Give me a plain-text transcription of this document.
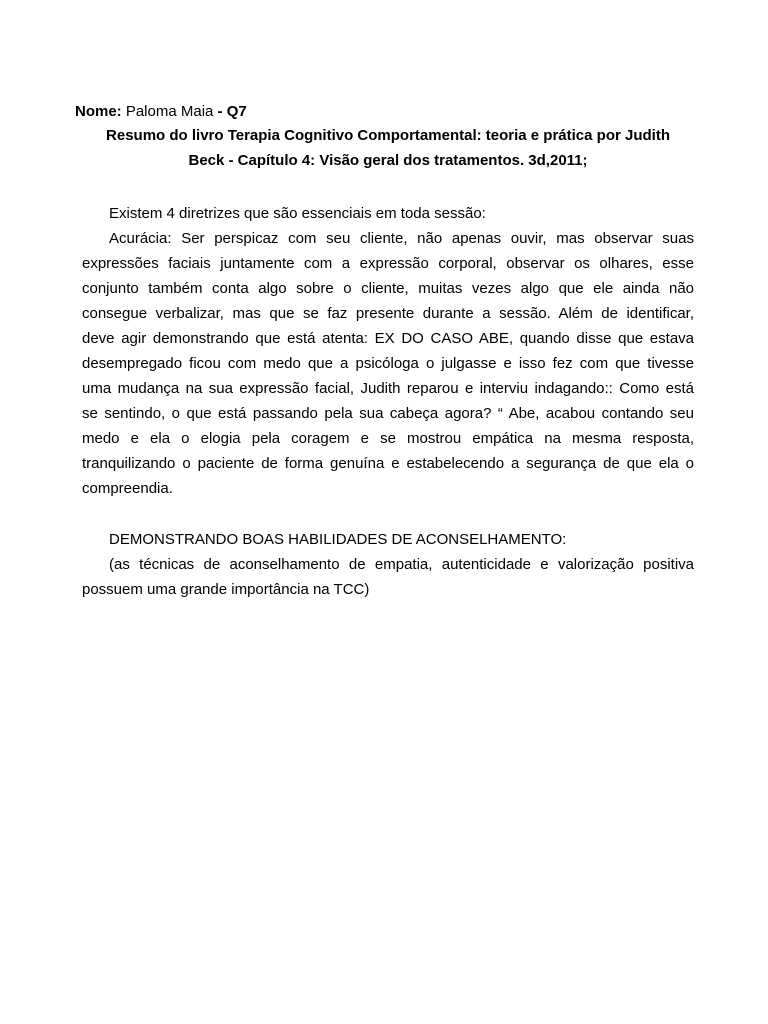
Nome: Paloma Maia - Q7
Resumo do livro Terapia Cognitivo Comportamental: teoria e prática por Judith
Beck - Capítulo 4: Visão geral dos tratamentos. 3d,2011;
Existem 4 diretrizes que são essenciais em toda sessão:
Acurácia: Ser perspicaz com seu cliente, não apenas ouvir, mas observar suas
expressões faciais juntamente com a expressão corporal, observar os olhares, esse
conjunto também conta algo sobre o cliente, muitas vezes algo que ele ainda não
consegue verbalizar, mas que se faz presente durante a sessão. Além de identificar,
deve agir demonstrando que está atenta: EX DO CASO ABE, quando disse que estava
desempregado ficou com medo que a psicóloga o julgasse e isso fez com que tivesse
uma mudança na sua expressão facial, Judith reparou e interviu indagando:: Como está
se sentindo, o que está passando pela sua cabeça agora? “ Abe, acabou contando seu
medo e ela o elogia pela coragem e se mostrou empática na mesma resposta,
tranquilizando o paciente de forma genuína e estabelecendo a segurança de que ela o
compreendia.
DEMONSTRANDO BOAS HABILIDADES DE ACONSELHAMENTO:
(as técnicas de aconselhamento de empatia, autenticidade e valorização positiva
possuem uma grande importância na TCC)
